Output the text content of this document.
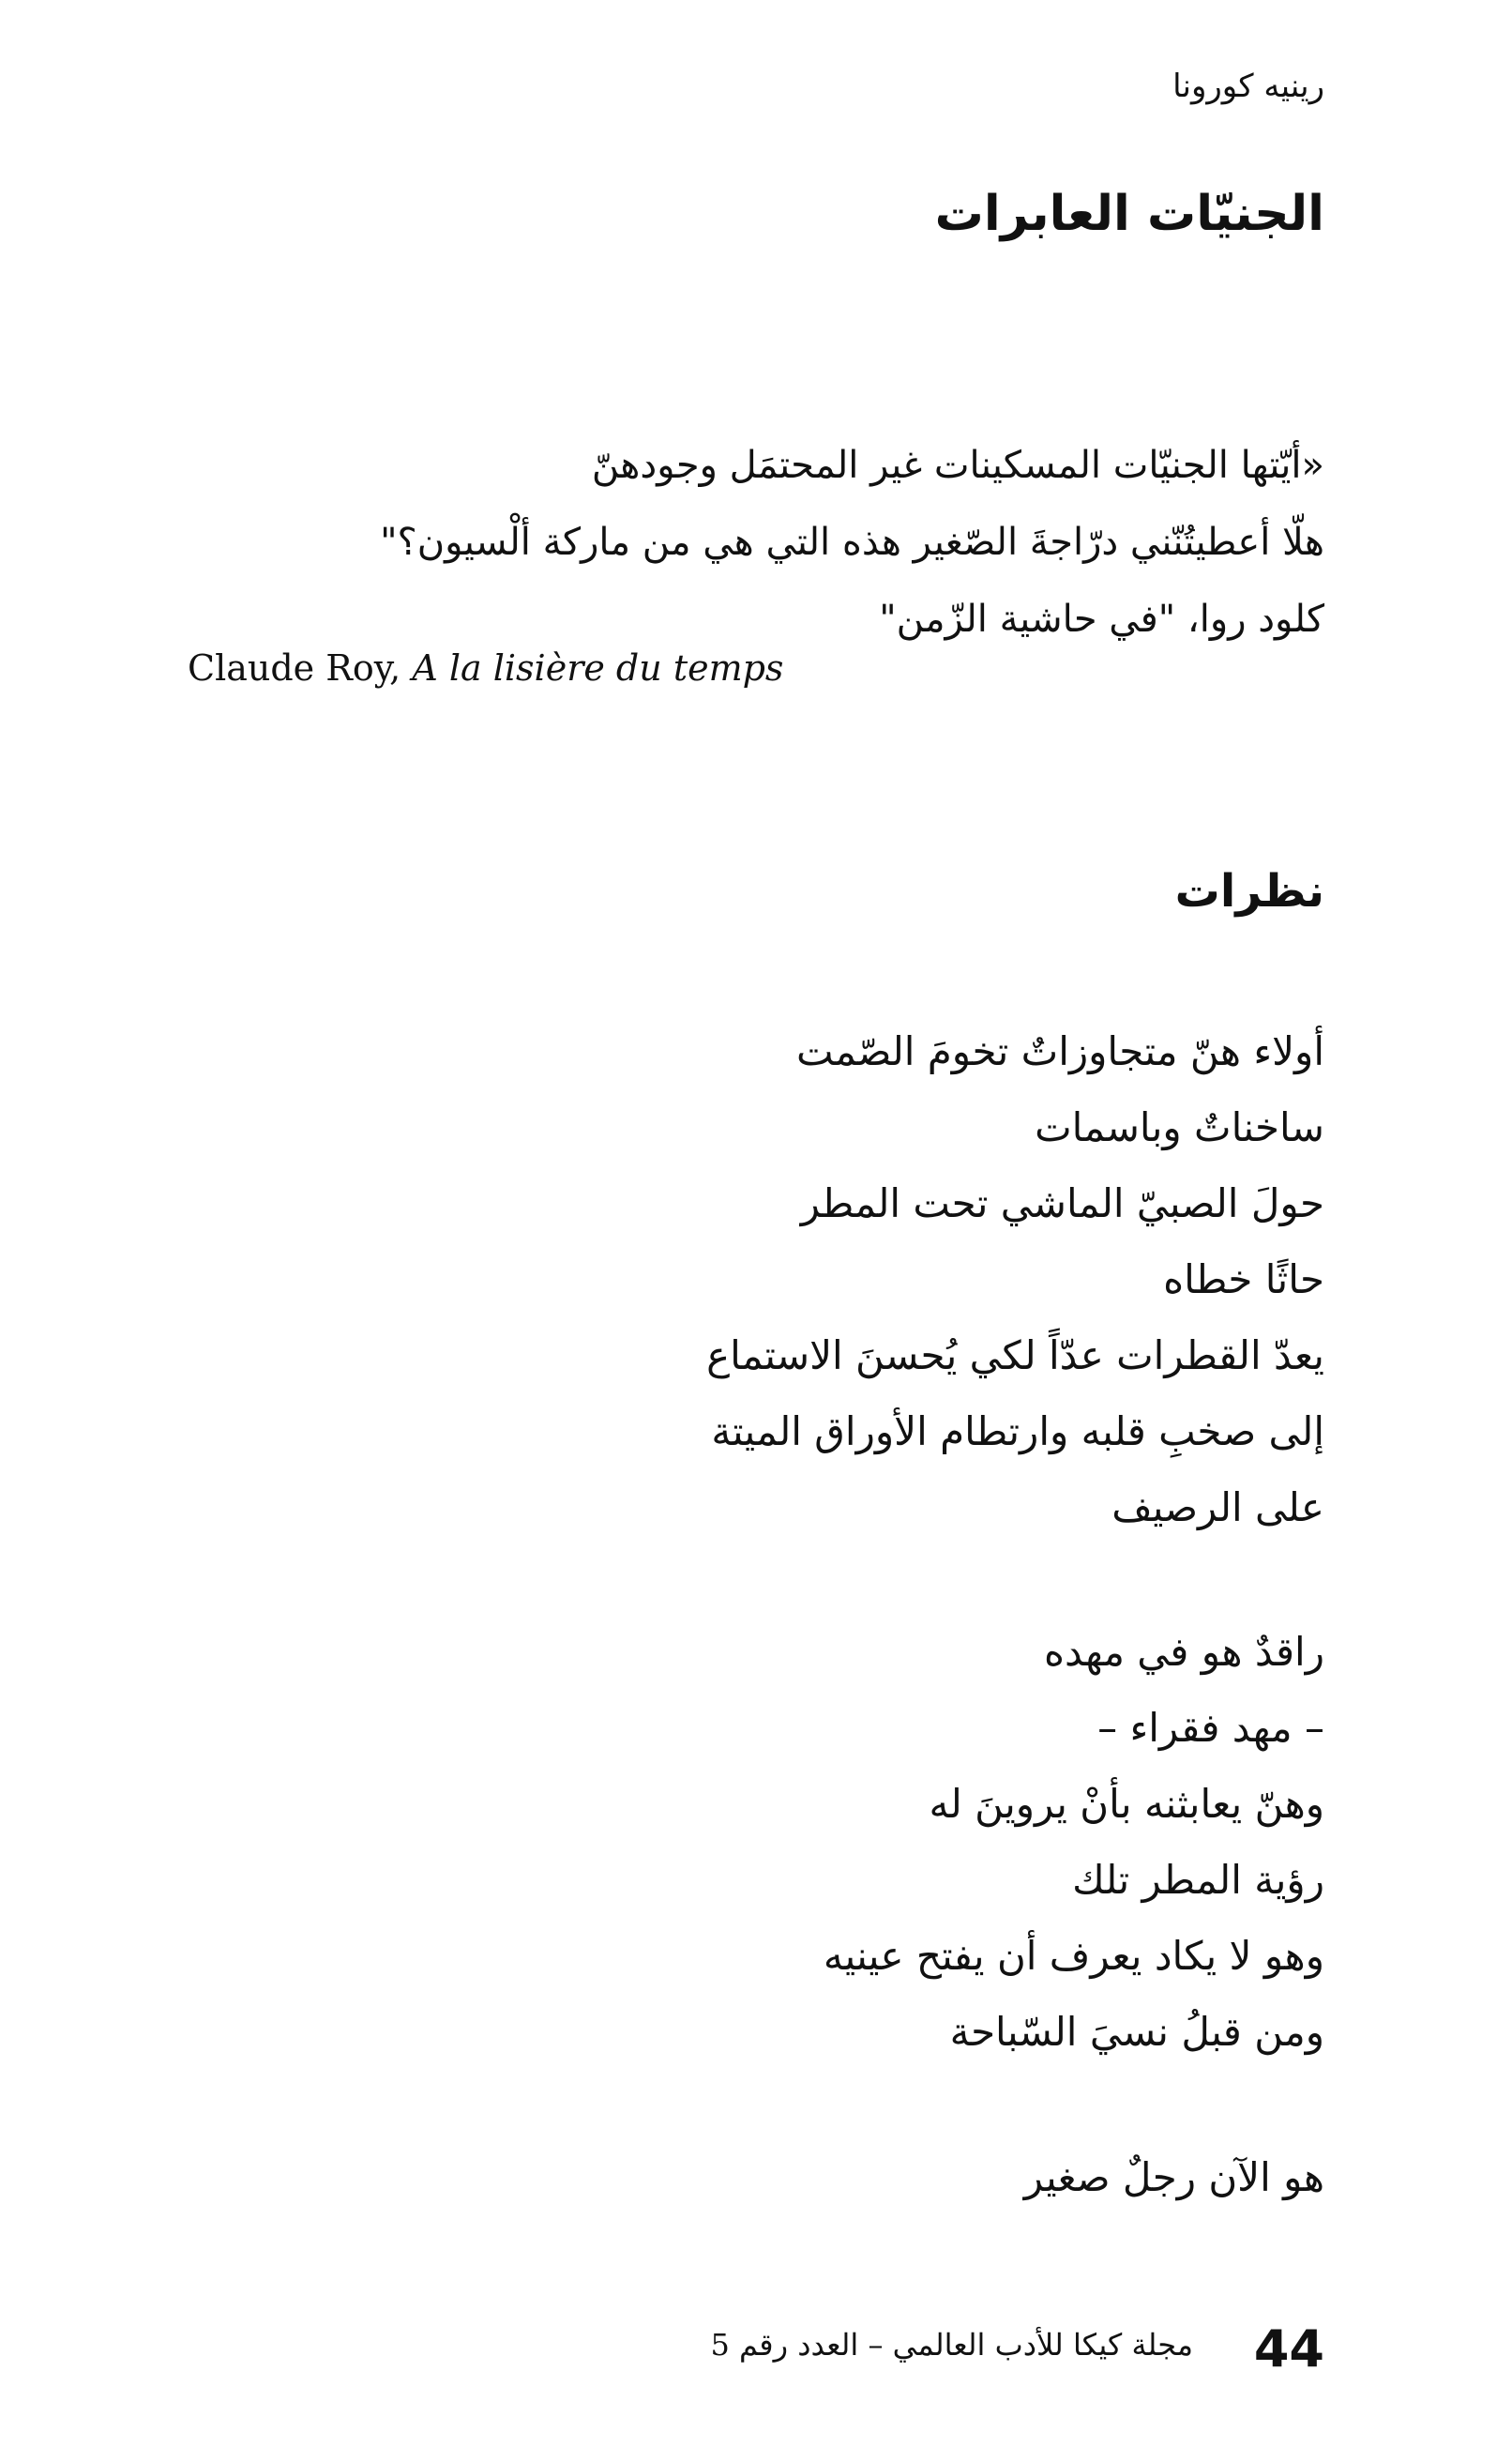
رينيه كورونا
الجنيّات العابرات
«أيّتها الجنيّات المسكينات غير المحتمَل وجودهنّ
هلّا أعطيتُنّني درّاجةَ الصّغير هذه التي هي من ماركة ألْسيون؟"
كلود روا، "في حاشية الزّمن"
Claude Roy, A la lisière du temps
نظرات
أولاء هنّ متجاوزاتٌ تخومَ الصّمت
ساخناتٌ وباسمات
حولَ الصبيّ الماشي تحت المطر
حاثًا خطاه
يعدّ القطرات عدّاً لكي يُحسنَ الاستماع
إلى صخبِ قلبه وارتطام الأوراق الميتة
على الرصيف
راقدٌ هو في مهده
– مهد فقراء –
وهنّ يعابثنه بأنْ يروينَ له
رؤية المطر تلك
وهو لا يكاد يعرف أن يفتح عينيه
ومن قبلُ نسيَ السّباحة
هو الآن رجلٌ صغير
44
مجلة كيكا للأدب العالمي – العدد رقم 5
